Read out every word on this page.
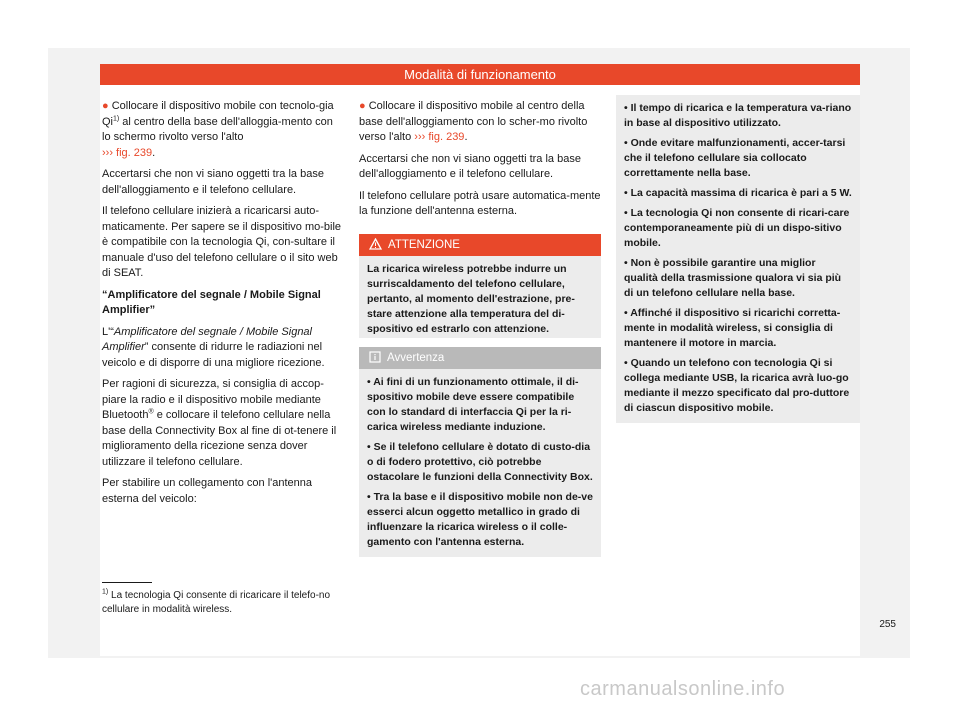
Modalità di funzionamento

● Collocare il dispositivo mobile con tecnolo-gia Qi$^{1)}$ al centro della base dell'alloggia-mento con lo schermo rivolto verso l'alto
››› fig. 239.

Accertarsi che non vi siano oggetti tra la base dell'alloggiamento e il telefono cellulare.

Il telefono cellulare inizierà a ricaricarsi auto-maticamente. Per sapere se il dispositivo mo-bile è compatibile con la tecnologia Qi, con-sultare il manuale d'uso del telefono cellulare o il sito web di SEAT.

“Amplificatore del segnale / Mobile Signal Amplifier”

L'“Amplificatore del segnale / Mobile Signal Amplifier” consente di ridurre le radiazioni nel veicolo e di disporre di una migliore ricezione.

Per ragioni di sicurezza, si consiglia di accop-piare la radio e il dispositivo mobile mediante Bluetooth® e collocare il telefono cellulare nella base della Connectivity Box al fine di ot-tenere il miglioramento della ricezione senza dover utilizzare il telefono cellulare.

Per stabilire un collegamento con l'antenna esterna del veicolo:

● Collocare il dispositivo mobile al centro della base dell'alloggiamento con lo scher-mo rivolto verso l'alto ››› fig. 239.

Accertarsi che non vi siano oggetti tra la base dell'alloggiamento e il telefono cellulare.

Il telefono cellulare potrà usare automatica-mente la funzione dell'antenna esterna.

ATTENZIONE
La ricarica wireless potrebbe indurre un surriscaldamento del telefono cellulare, pertanto, al momento dell'estrazione, pre-stare attenzione alla temperatura del di-spositivo ed estrarlo con attenzione.
Avvertenza

• Ai fini di un funzionamento ottimale, il di-spositivo mobile deve essere compatibile con lo standard di interfaccia Qi per la ri-carica wireless mediante induzione.

• Se il telefono cellulare è dotato di custo-dia o di fodero protettivo, ciò potrebbe ostacolare le funzioni della Connectivity Box.

• Tra la base e il dispositivo mobile non de-ve esserci alcun oggetto metallico in grado di influenzare la ricarica wireless o il colle-gamento con l'antenna esterna.

• Il tempo di ricarica e la temperatura va-riano in base al dispositivo utilizzato.

• Onde evitare malfunzionamenti, accer-tarsi che il telefono cellulare sia collocato correttamente nella base.

• La capacità massima di ricarica è pari a 5 W.

• La tecnologia Qi non consente di ricari-care contemporaneamente più di un dispo-sitivo mobile.

• Non è possibile garantire una miglior qualità della trasmissione qualora vi sia più di un telefono cellulare nella base.

• Affinché il dispositivo si ricarichi corretta-mente in modalità wireless, si consiglia di mantenere il motore in marcia.

• Quando un telefono con tecnologia Qi si collega mediante USB, la ricarica avrà luo-go mediante il mezzo specificato dal pro-duttore di ciascun dispositivo mobile.

$^{1)}$ La tecnologia Qi consente di ricaricare il telefo-no cellulare in modalità wireless.
255
carmanualsonline.info
